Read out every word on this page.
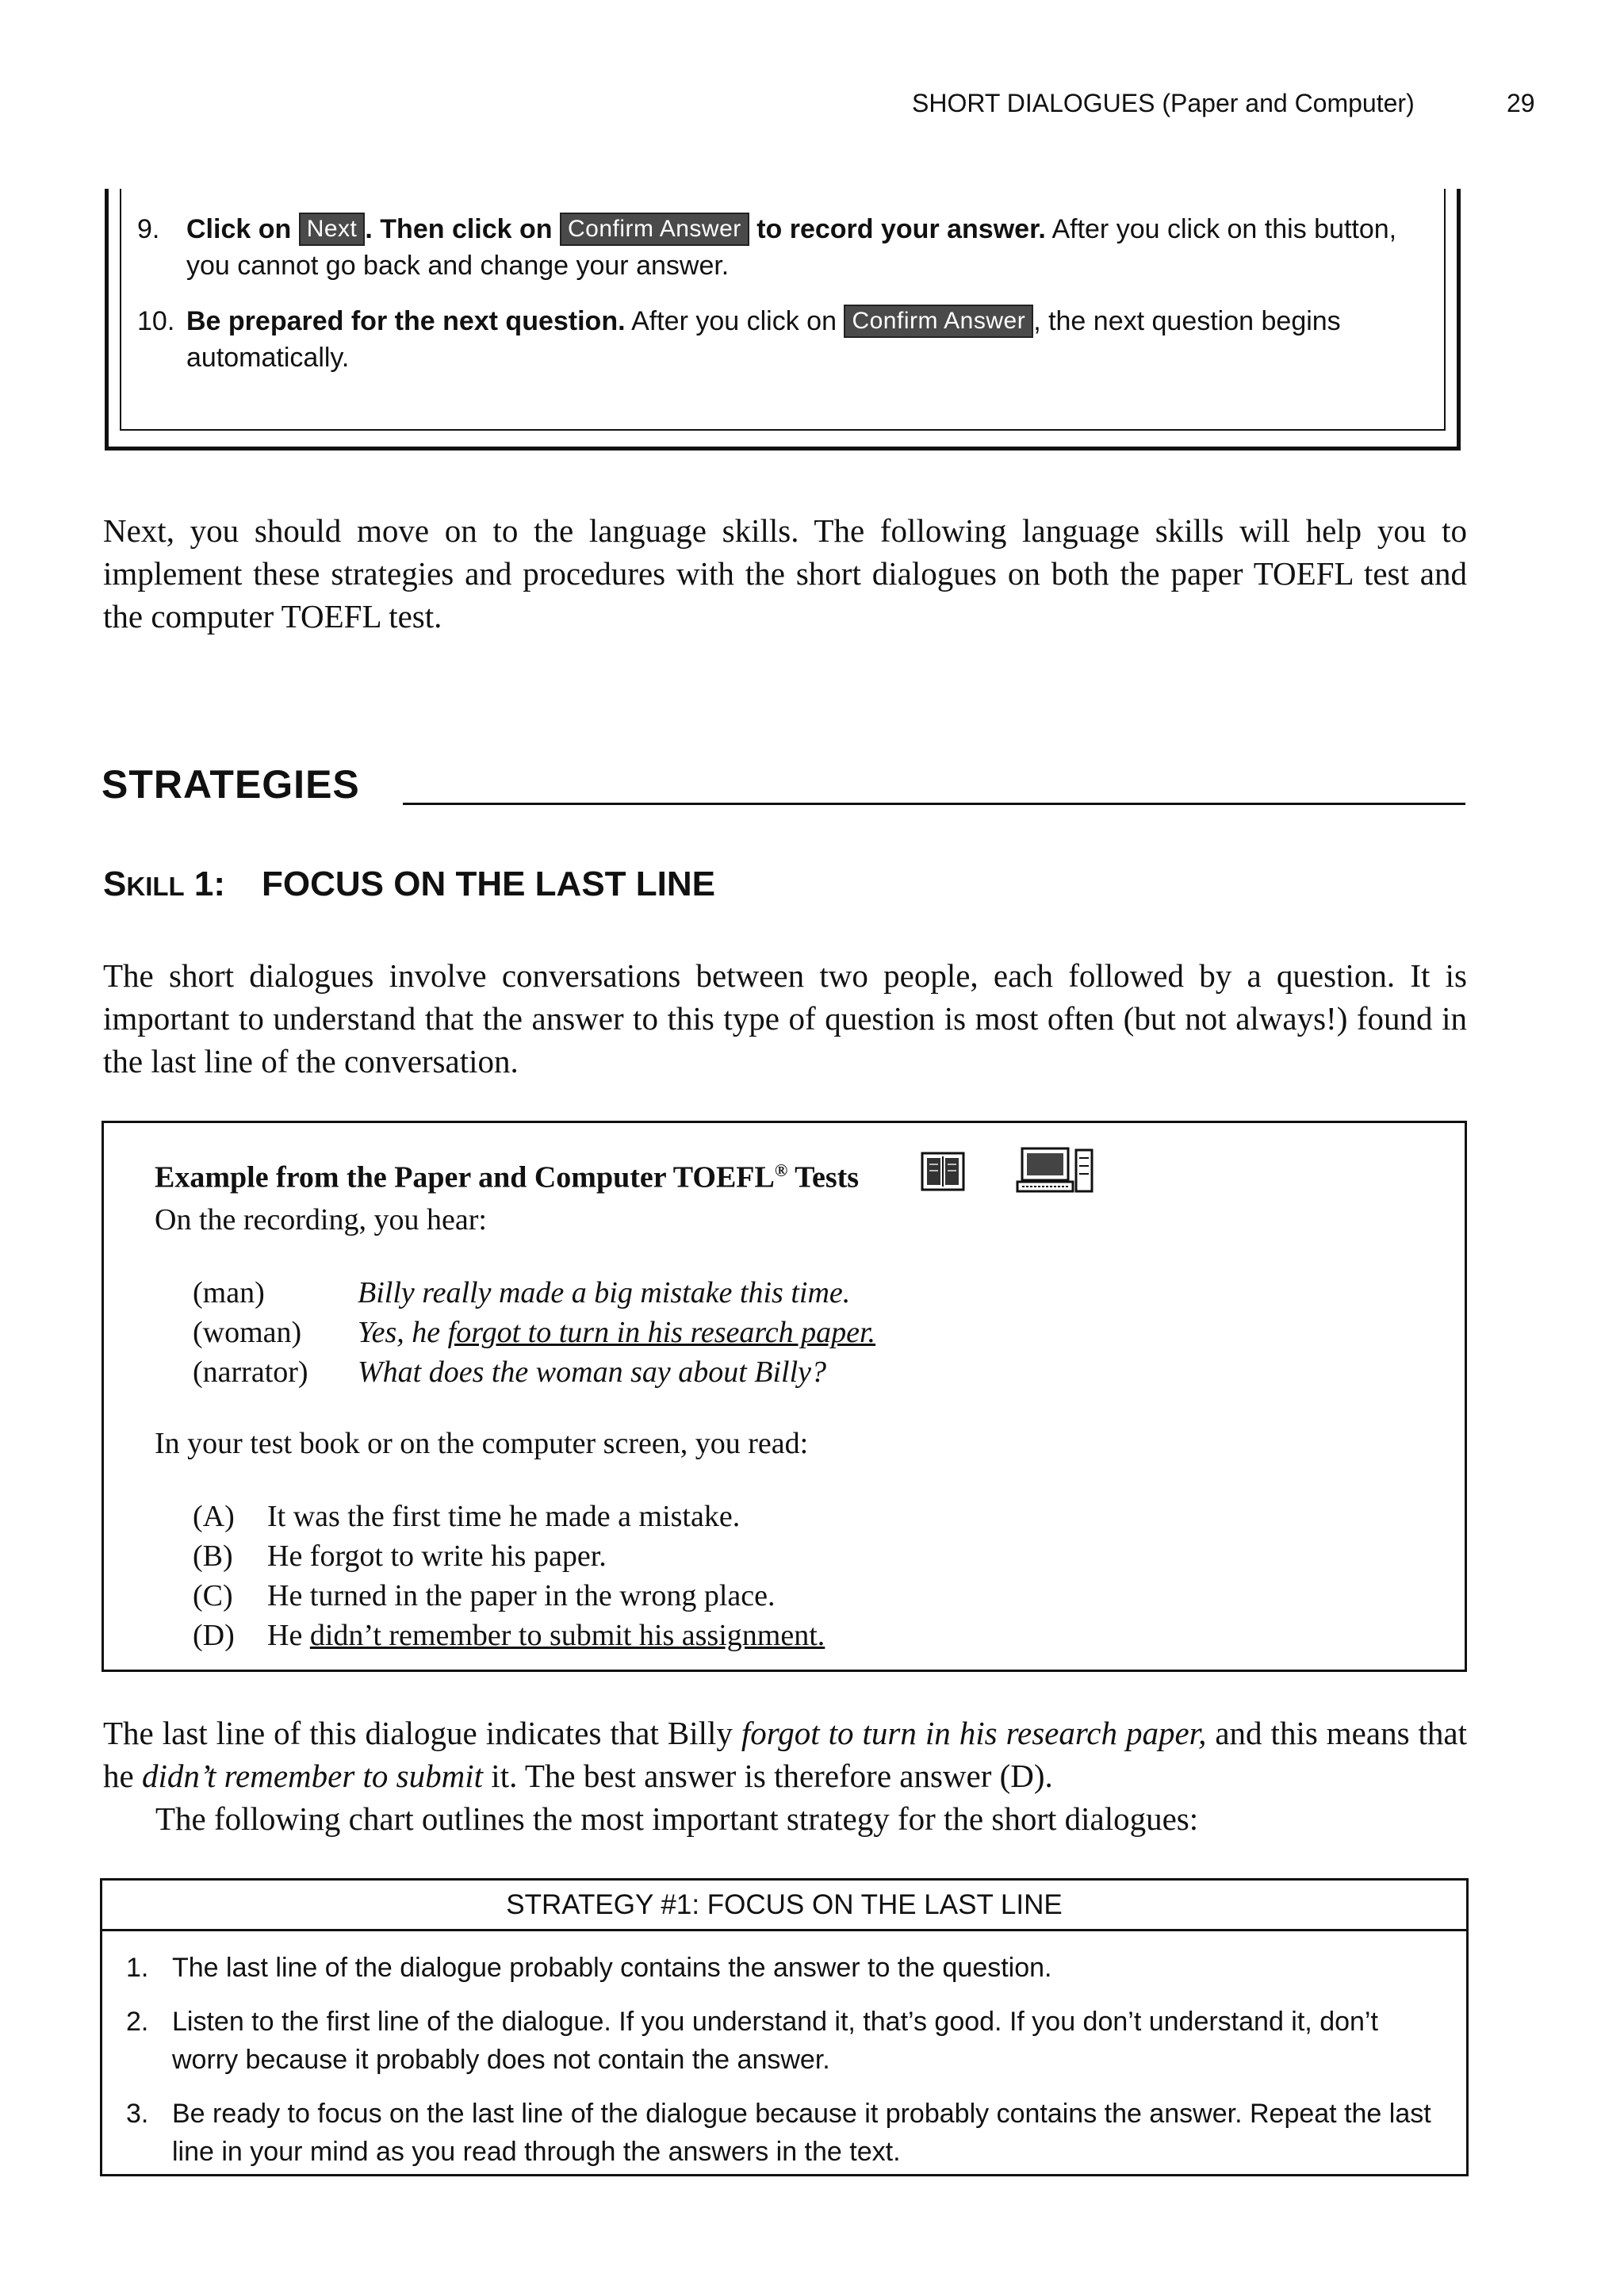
SHORT DIALOGUES (Paper and Computer)	29
9. Click on Next . Then click on Confirm Answer to record your answer. After you click on this button, you cannot go back and change your answer.
10. Be prepared for the next question. After you click on Confirm Answer , the next question begins automatically.
Next, you should move on to the language skills. The following language skills will help you to implement these strategies and procedures with the short dialogues on both the paper TOEFL test and the computer TOEFL test.
STRATEGIES
SKILL 1: FOCUS ON THE LAST LINE
The short dialogues involve conversations between two people, each followed by a question. It is important to understand that the answer to this type of question is most often (but not always!) found in the last line of the conversation.
Example from the Paper and Computer TOEFL® Tests
On the recording, you hear:
(man)	Billy really made a big mistake this time.
(woman) Yes, he forgot to turn in his research paper.
(narrator) What does the woman say about Billy?
In your test book or on the computer screen, you read:
(A) It was the first time he made a mistake.
(B) He forgot to write his paper.
(C) He turned in the paper in the wrong place.
(D) He didn’t remember to submit his assignment.
The last line of this dialogue indicates that Billy forgot to turn in his research paper, and this means that he didn’t remember to submit it. The best answer is therefore answer (D).
The following chart outlines the most important strategy for the short dialogues:
STRATEGY #1: FOCUS ON THE LAST LINE
1. The last line of the dialogue probably contains the answer to the question.
2. Listen to the first line of the dialogue. If you understand it, that’s good. If you don’t understand it, don’t worry because it probably does not contain the answer.
3. Be ready to focus on the last line of the dialogue because it probably contains the answer. Repeat the last line in your mind as you read through the answers in the text.
